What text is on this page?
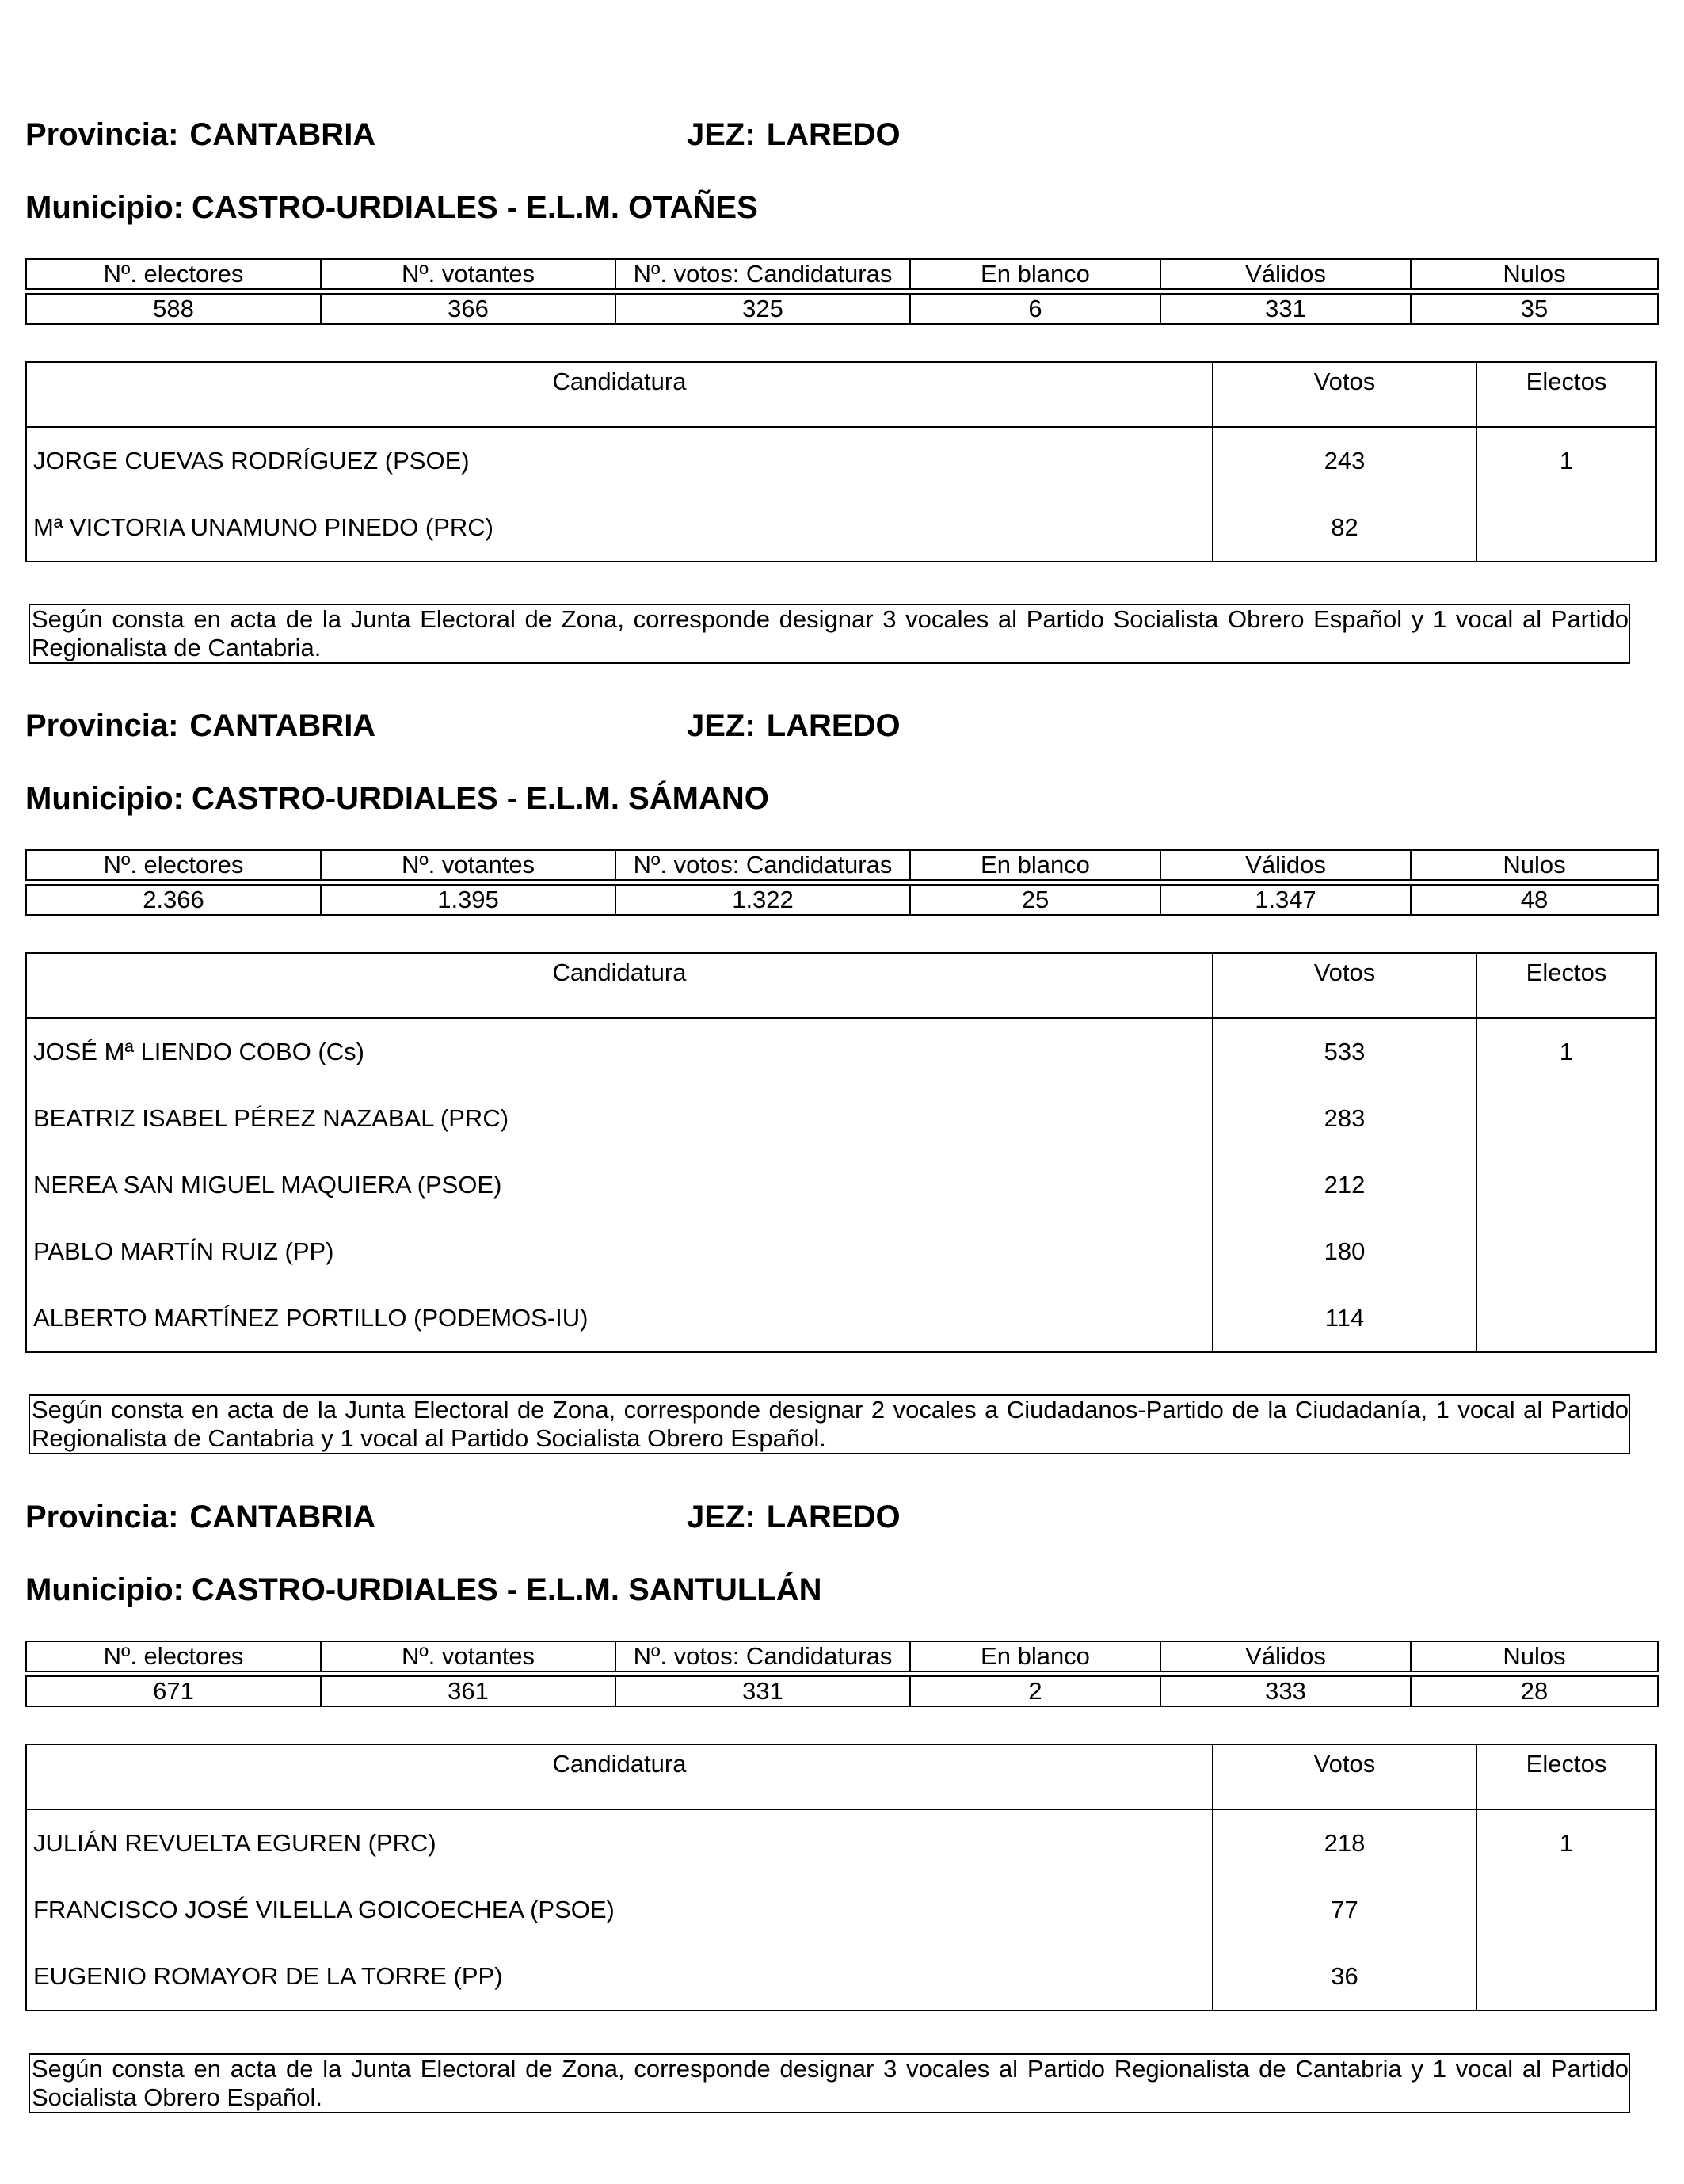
Provincia: CANTABRIA	JEZ: LAREDO
Municipio: CASTRO-URDIALES - E.L.M. OTAÑES
Nº. electores	Nº. votantes	Nº. votos: Candidaturas	En blanco	Válidos	Nulos

588	366	325	6	331	35
Candidatura	Votos	Electos
JORGE CUEVAS RODRÍGUEZ (PSOE)	243	1
Mª VICTORIA UNAMUNO PINEDO (PRC)	82
Según consta en acta de la Junta Electoral de Zona, corresponde designar 3 vocales al Partido Socialista Obrero Español y 1 vocal al Partido Regionalista de Cantabria.
Provincia: CANTABRIA	JEZ: LAREDO
Municipio: CASTRO-URDIALES - E.L.M. SÁMANO
Nº. electores	Nº. votantes	Nº. votos: Candidaturas	En blanco	Válidos	Nulos

2.366	1.395	1.322	25	1.347	48
Candidatura	Votos	Electos
JOSÉ Mª LIENDO COBO (Cs)	533	1
BEATRIZ ISABEL PÉREZ NAZABAL (PRC)	283
NEREA SAN MIGUEL MAQUIERA (PSOE)	212
PABLO MARTÍN RUIZ (PP)	180
ALBERTO MARTÍNEZ PORTILLO (PODEMOS-IU)	114
Según consta en acta de la Junta Electoral de Zona, corresponde designar 2 vocales a Ciudadanos-Partido de la Ciudadanía, 1 vocal al Partido Regionalista de Cantabria y 1 vocal al Partido Socialista Obrero Español.
Provincia: CANTABRIA	JEZ: LAREDO
Municipio: CASTRO-URDIALES - E.L.M. SANTULLÁN
Nº. electores	Nº. votantes	Nº. votos: Candidaturas	En blanco	Válidos	Nulos

671	361	331	2	333	28
Candidatura	Votos	Electos
JULIÁN REVUELTA EGUREN (PRC)	218	1
FRANCISCO JOSÉ VILELLA GOICOECHEA (PSOE)	77
EUGENIO ROMAYOR DE LA TORRE (PP)	36
Según consta en acta de la Junta Electoral de Zona, corresponde designar 3 vocales al Partido Regionalista de Cantabria y 1 vocal al Partido Socialista Obrero Español.
